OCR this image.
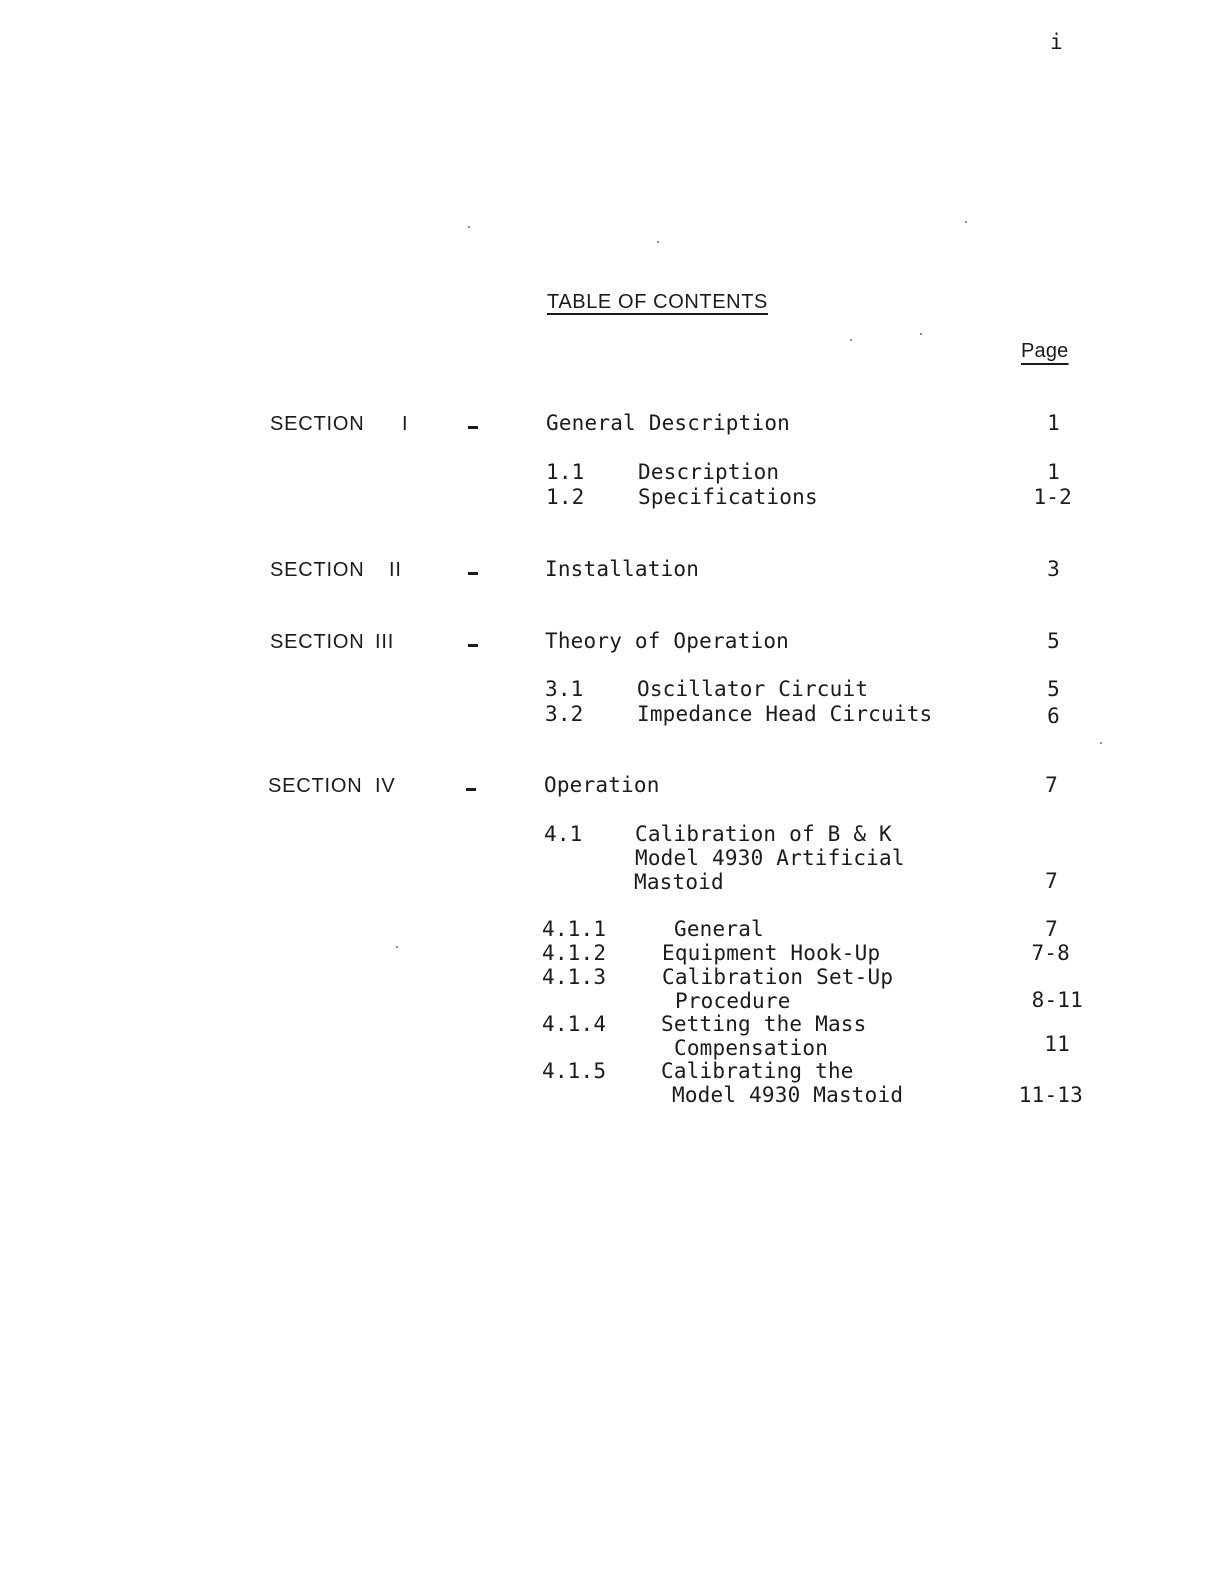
i
TABLE OF CONTENTS
Page
SECTION I	General Description	1
1.1	Description	1
1.2	Specifications	1-2
SECTION II	Installation	3
SECTION III	Theory of Operation	5
3.1	Oscillator Circuit	5
3.2	Impedance Head Circuits	6
SECTION IV	Operation	7
4.1 Calibration of B & K
Model 4930 Artificial
Mastoid	7
4.1.1	General	7
4.1.2	Equipment Hook-Up	7-8
4.1.3	Calibration Set-Up
Procedure	8-11
4.1.4	Setting the Mass
Compensation	11
4.1.5	Calibrating the
Model 4930 Mastoid	11-13
